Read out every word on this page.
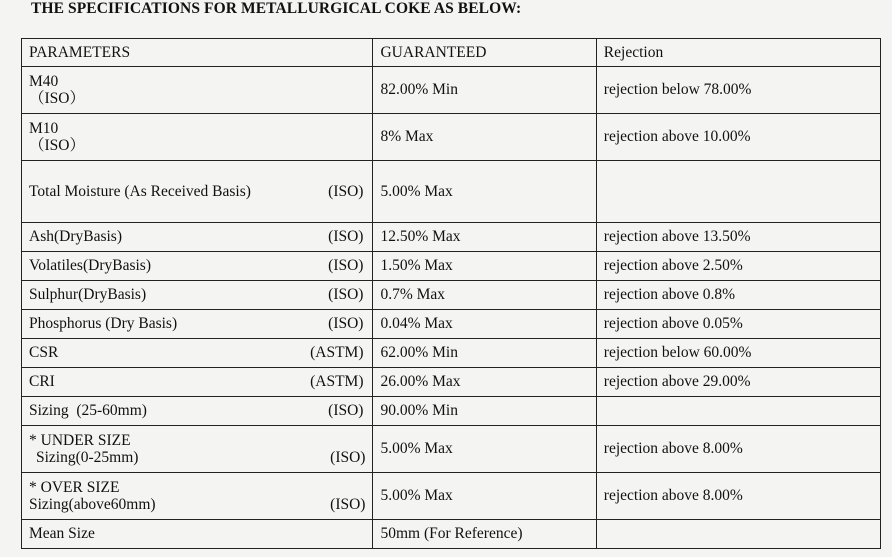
THE SPECIFICATIONS FOR METALLURGICAL COKE AS BELOW:
PARAMETERS	GUARANTEED	Rejection

M40
（ISO）	82.00% Min	rejection below 78.00%

M10
（ISO）	8% Max	rejection above 10.00%

Total Moisture (As Received Basis) (ISO)	5.00% Max	

Ash(DryBasis) (ISO)	12.50% Max	rejection above 13.50%

Volatiles(DryBasis) (ISO)	1.50% Max	rejection above 2.50%

Sulphur(DryBasis) (ISO)	0.7% Max	rejection above 0.8%

Phosphorus (Dry Basis) (ISO)	0.04% Max	rejection above 0.05%

CSR (ASTM)	62.00% Min	rejection below 60.00%

CRI (ASTM)	26.00% Max	rejection above 29.00%

Sizing  (25-60mm) (ISO)	90.00% Min	

* UNDER SIZE
Sizing(0-25mm) (ISO)	5.00% Max	rejection above 8.00%

* OVER SIZE
Sizing(above60mm) (ISO)	5.00% Max	rejection above 8.00%
Mean Size	50mm (For Reference)	
